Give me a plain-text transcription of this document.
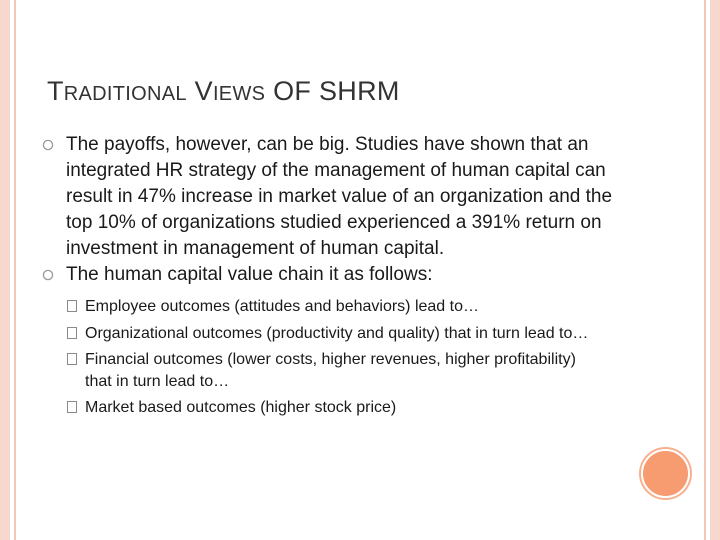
TRADITIONAL VIEWS OF SHRM
The payoffs, however, can be big. Studies have shown that an integrated HR strategy of the management of human capital can result in 47% increase in market value of an organization and the top 10% of organizations studied experienced a 391% return on investment in management of human capital.
The human capital value chain it as follows:
Employee outcomes (attitudes and behaviors) lead to…
Organizational outcomes (productivity and quality) that in turn lead to…
Financial outcomes (lower costs, higher revenues, higher profitability) that in turn lead to…
Market based outcomes (higher stock price)
